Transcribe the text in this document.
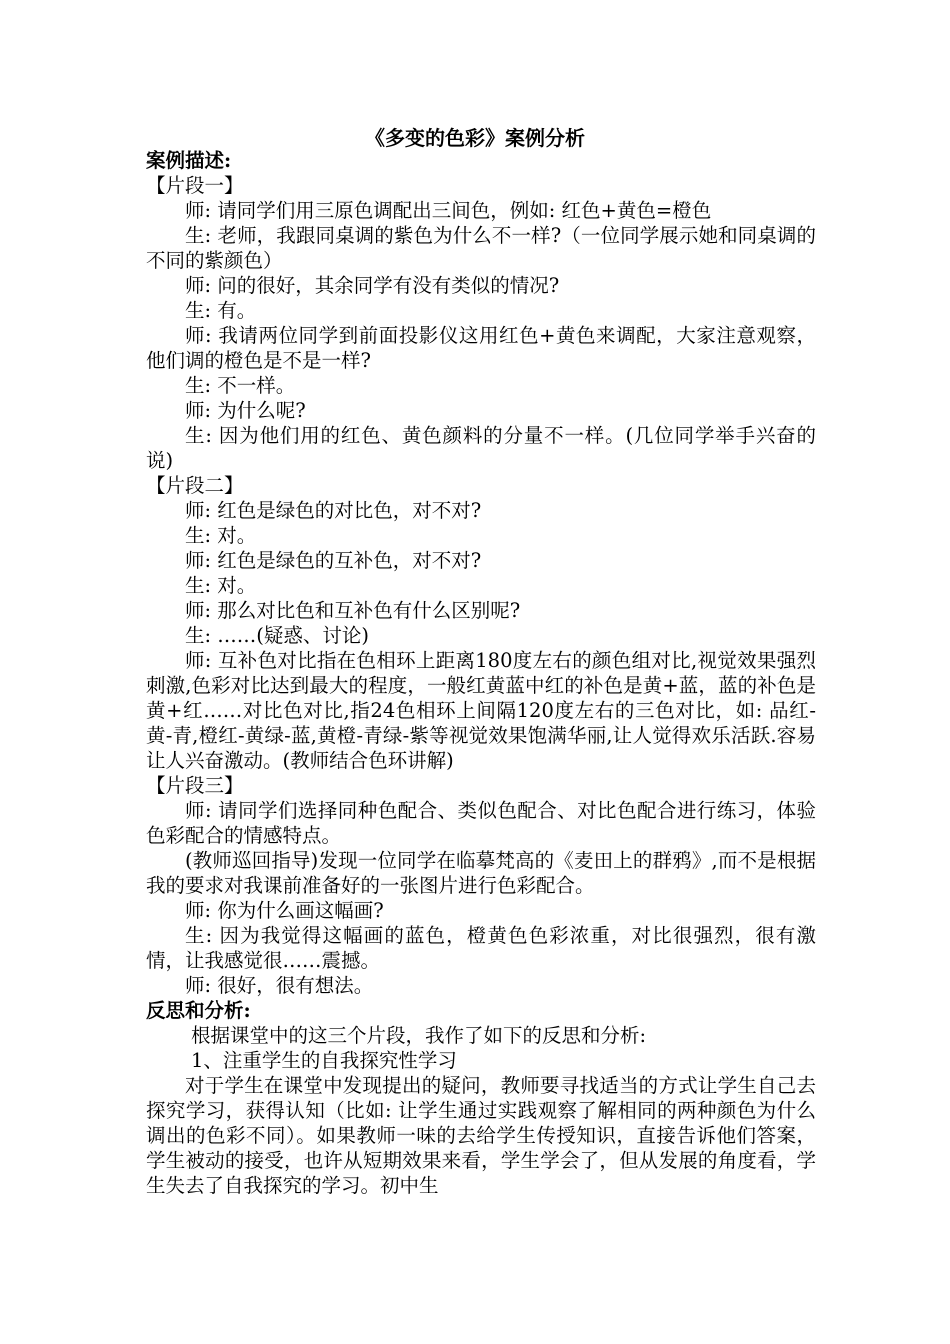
《多变的色彩》案例分析

案例描述:

【片段一】

师: 请同学们用三原色调配出三间色，例如: 红色+黄色=橙色

生: 老师，我跟同桌调的紫色为什么不一样?（一位同学展示她和同桌调的不同的紫颜色）

师: 问的很好，其余同学有没有类似的情况?

生: 有。

师: 我请两位同学到前面投影仪这用红色+黄色来调配，大家注意观察，他们调的橙色是不是一样?

生: 不一样。

师: 为什么呢?

生: 因为他们用的红色、黄色颜料的分量不一样。(几位同学举手兴奋的说)

【片段二】

师: 红色是绿色的对比色，对不对?

生: 对。

师: 红色是绿色的互补色，对不对?

生: 对。

师: 那么对比色和互补色有什么区别呢?

生: ……(疑惑、讨论)

师: 互补色对比指在色相环上距离180度左右的颜色组对比,视觉效果强烈刺激,色彩对比达到最大的程度，一般红黄蓝中红的补色是黄+蓝，蓝的补色是黄+红……对比色对比,指24色相环上间隔120度左右的三色对比，如: 品红-黄-青,橙红-黄绿-蓝,黄橙-青绿-紫等视觉效果饱满华丽,让人觉得欢乐活跃.容易让人兴奋激动。(教师结合色环讲解)

【片段三】

师: 请同学们选择同种色配合、类似色配合、对比色配合进行练习，体验色彩配合的情感特点。

(教师巡回指导)发现一位同学在临摹梵高的《麦田上的群鸦》,而不是根据我的要求对我课前准备好的一张图片进行色彩配合。

师: 你为什么画这幅画?

生: 因为我觉得这幅画的蓝色，橙黄色色彩浓重，对比很强烈，很有激情，让我感觉很……震撼。

师: 很好，很有想法。

反思和分析:

根据课堂中的这三个片段，我作了如下的反思和分析:

1、注重学生的自我探究性学习

对于学生在课堂中发现提出的疑问，教师要寻找适当的方式让学生自己去探究学习，获得认知（比如: 让学生通过实践观察了解相同的两种颜色为什么调出的色彩不同）。如果教师一味的去给学生传授知识，直接告诉他们答案，学生被动的接受，也许从短期效果来看，学生学会了，但从发展的角度看，学生失去了自我探究的学习。初中生
